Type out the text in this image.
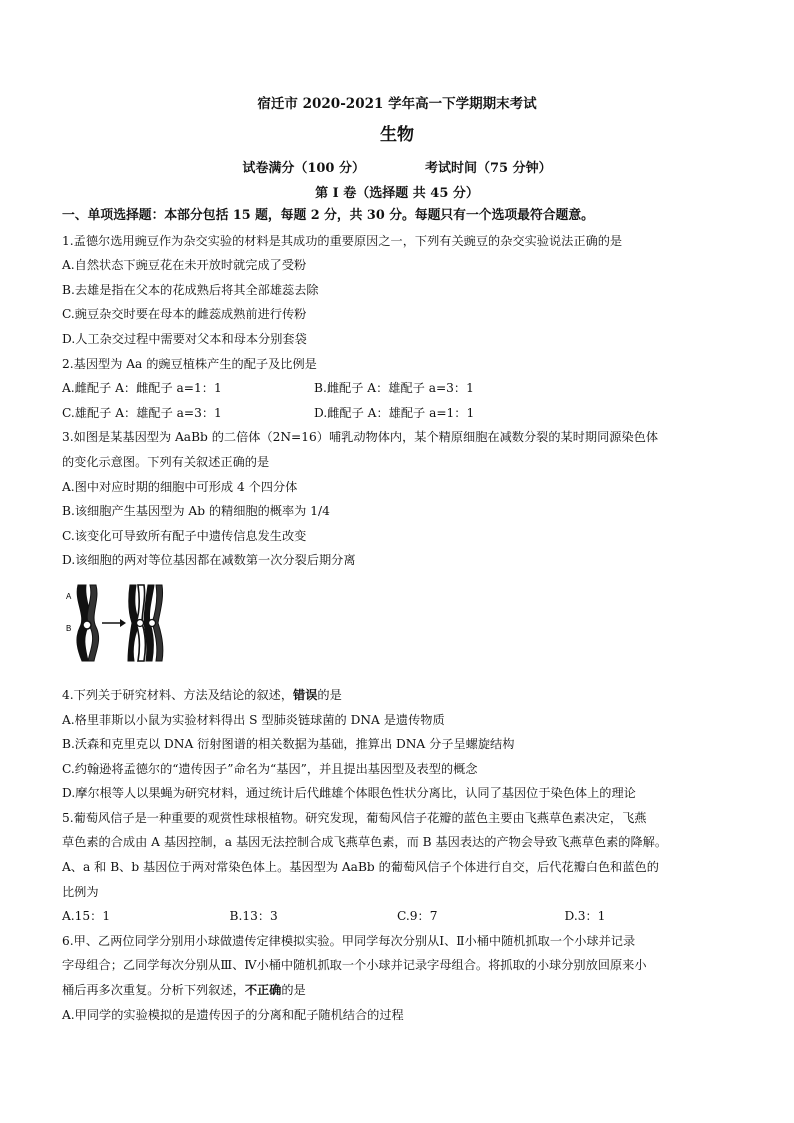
宿迁市 2020-2021 学年高一下学期期末考试
生物
试卷满分（100 分）	考试时间（75 分钟）
第 Ⅰ 卷（选择题 共 45 分）
一、单项选择题：本部分包括 15 题，每题 2 分，共 30 分。每题只有一个选项最符合题意。
1.孟德尔选用豌豆作为杂交实验的材料是其成功的重要原因之一，下列有关豌豆的杂交实验说法正确的是
A.自然状态下豌豆花在未开放时就完成了受粉
B.去雄是指在父本的花成熟后将其全部雄蕊去除
C.豌豆杂交时要在母本的雌蕊成熟前进行传粉
D.人工杂交过程中需要对父本和母本分别套袋
2.基因型为 Aa 的豌豆植株产生的配子及比例是
A.雌配子 A：雌配子 a=1：1	B.雌配子 A：雄配子 a=3：1
C.雄配子 A：雄配子 a=3：1	D.雌配子 A：雄配子 a=1：1
3.如图是某基因型为 AaBb 的二倍体（2N=16）哺乳动物体内，某个精原细胞在减数分裂的某时期同源染色体
的变化示意图。下列有关叙述正确的是
A.图中对应时期的细胞中可形成 4 个四分体
B.该细胞产生基因型为 Ab 的精细胞的概率为 1/4
C.该变化可导致所有配子中遗传信息发生改变
D.该细胞的两对等位基因都在减数第一次分裂后期分离
A
B
4.下列关于研究材料、方法及结论的叙述，错误的是
A.格里菲斯以小鼠为实验材料得出 S 型肺炎链球菌的 DNA 是遗传物质
B.沃森和克里克以 DNA 衍射图谱的相关数据为基础，推算出 DNA 分子呈螺旋结构
C.约翰逊将孟德尔的“遗传因子”命名为“基因”，并且提出基因型及表型的概念
D.摩尔根等人以果蝇为研究材料，通过统计后代雌雄个体眼色性状分离比，认同了基因位于染色体上的理论
5.葡萄风信子是一种重要的观赏性球根植物。研究发现，葡萄风信子花瓣的蓝色主要由飞燕草色素决定，飞燕
草色素的合成由 A 基因控制，a 基因无法控制合成飞燕草色素，而 B 基因表达的产物会导致飞燕草色素的降解。
A、a 和 B、b 基因位于两对常染色体上。基因型为 AaBb 的葡萄风信子个体进行自交，后代花瓣白色和蓝色的
比例为
A.15：1	B.13：3	C.9：7	D.3：1
6.甲、乙两位同学分别用小球做遗传定律模拟实验。甲同学每次分别从Ⅰ、Ⅱ小桶中随机抓取一个小球并记录
字母组合；乙同学每次分别从Ⅲ、Ⅳ小桶中随机抓取一个小球并记录字母组合。将抓取的小球分别放回原来小
桶后再多次重复。分析下列叙述，不正确的是
A.甲同学的实验模拟的是遗传因子的分离和配子随机结合的过程
